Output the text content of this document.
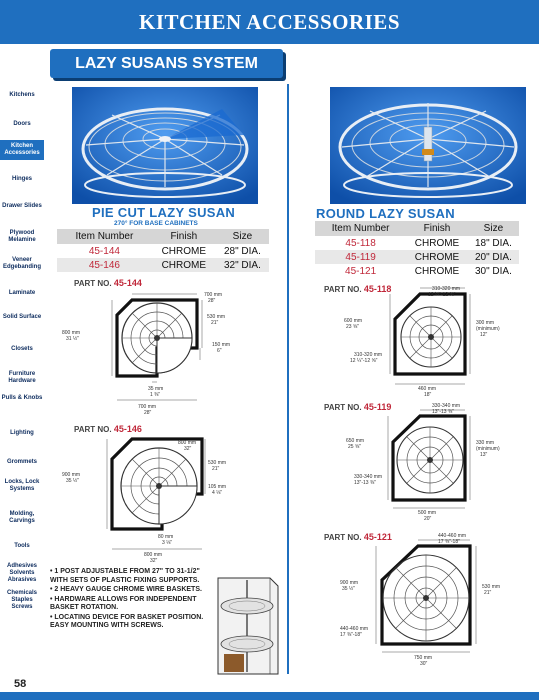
KITCHEN ACCESSORIES
LAZY SUSANS SYSTEM
Kitchens
Doors
Kitchen Accessories
Hinges
Drawer Slides
Plywood Melamine
Veneer Edgebanding
Laminate
Solid Surface
Closets
Furniture Hardware
Pulls & Knobs
Lighting
Grommets
Locks, Lock Systems
Molding, Carvings
Tools
Adhesives Solvents Abrasives
Chemicals Staples Screws
PIE CUT LAZY SUSAN
270° FOR BASE CABINETS
Item Number	Finish	Size
45-144	CHROME	28" DIA.
45-146	CHROME	32" DIA.
PART NO. 45-144
700 mm
28"
530 mm
21"
800 mm
31 ½"
150 mm
6"
35 mm
1 ⅜"
700 mm
28"
PART NO. 45-146
800 mm
32"
530 mm
21"
900 mm
35 ½"
105 mm
4 ⅛"
80 mm
3 ⅛"
800 mm
32"
• 1 POST ADJUSTABLE FROM 27" TO 31-1/2" WITH SETS OF PLASTIC FIXING SUPPORTS.
• 2 HEAVY GAUGE CHROME WIRE BASKETS.
• HARDWARE ALLOWS FOR INDEPENDENT BASKET ROTATION.
• LOCATING DEVICE FOR BASKET POSITION. EASY MOUNTING WITH SCREWS.
ROUND LAZY SUSAN
Item Number	Finish	Size
45-118	CHROME	18" DIA.
45-119	CHROME	20" DIA.
45-121	CHROME	30" DIA.
PART NO. 45-118	310-320 mm
12 ¼"-12 ⅝"
600 mm
23 ⅝"
300 mm
(minimum)
12"
310-320 mm
12 ¼"-12 ⅝"
460 mm
18"
PART NO. 45-119	330-340 mm
13"-13 ⅜"
650 mm
25 ⅝"
330 mm
(minimum)
13"
330-340 mm
13"-13 ⅜"
500 mm
20"
PART NO. 45-121	440-460 mm
17 ⅜"-18"
900 mm
35 ½"	530 mm
21"
440-460 mm
17 ⅜"-18"
750 mm
30"
58
